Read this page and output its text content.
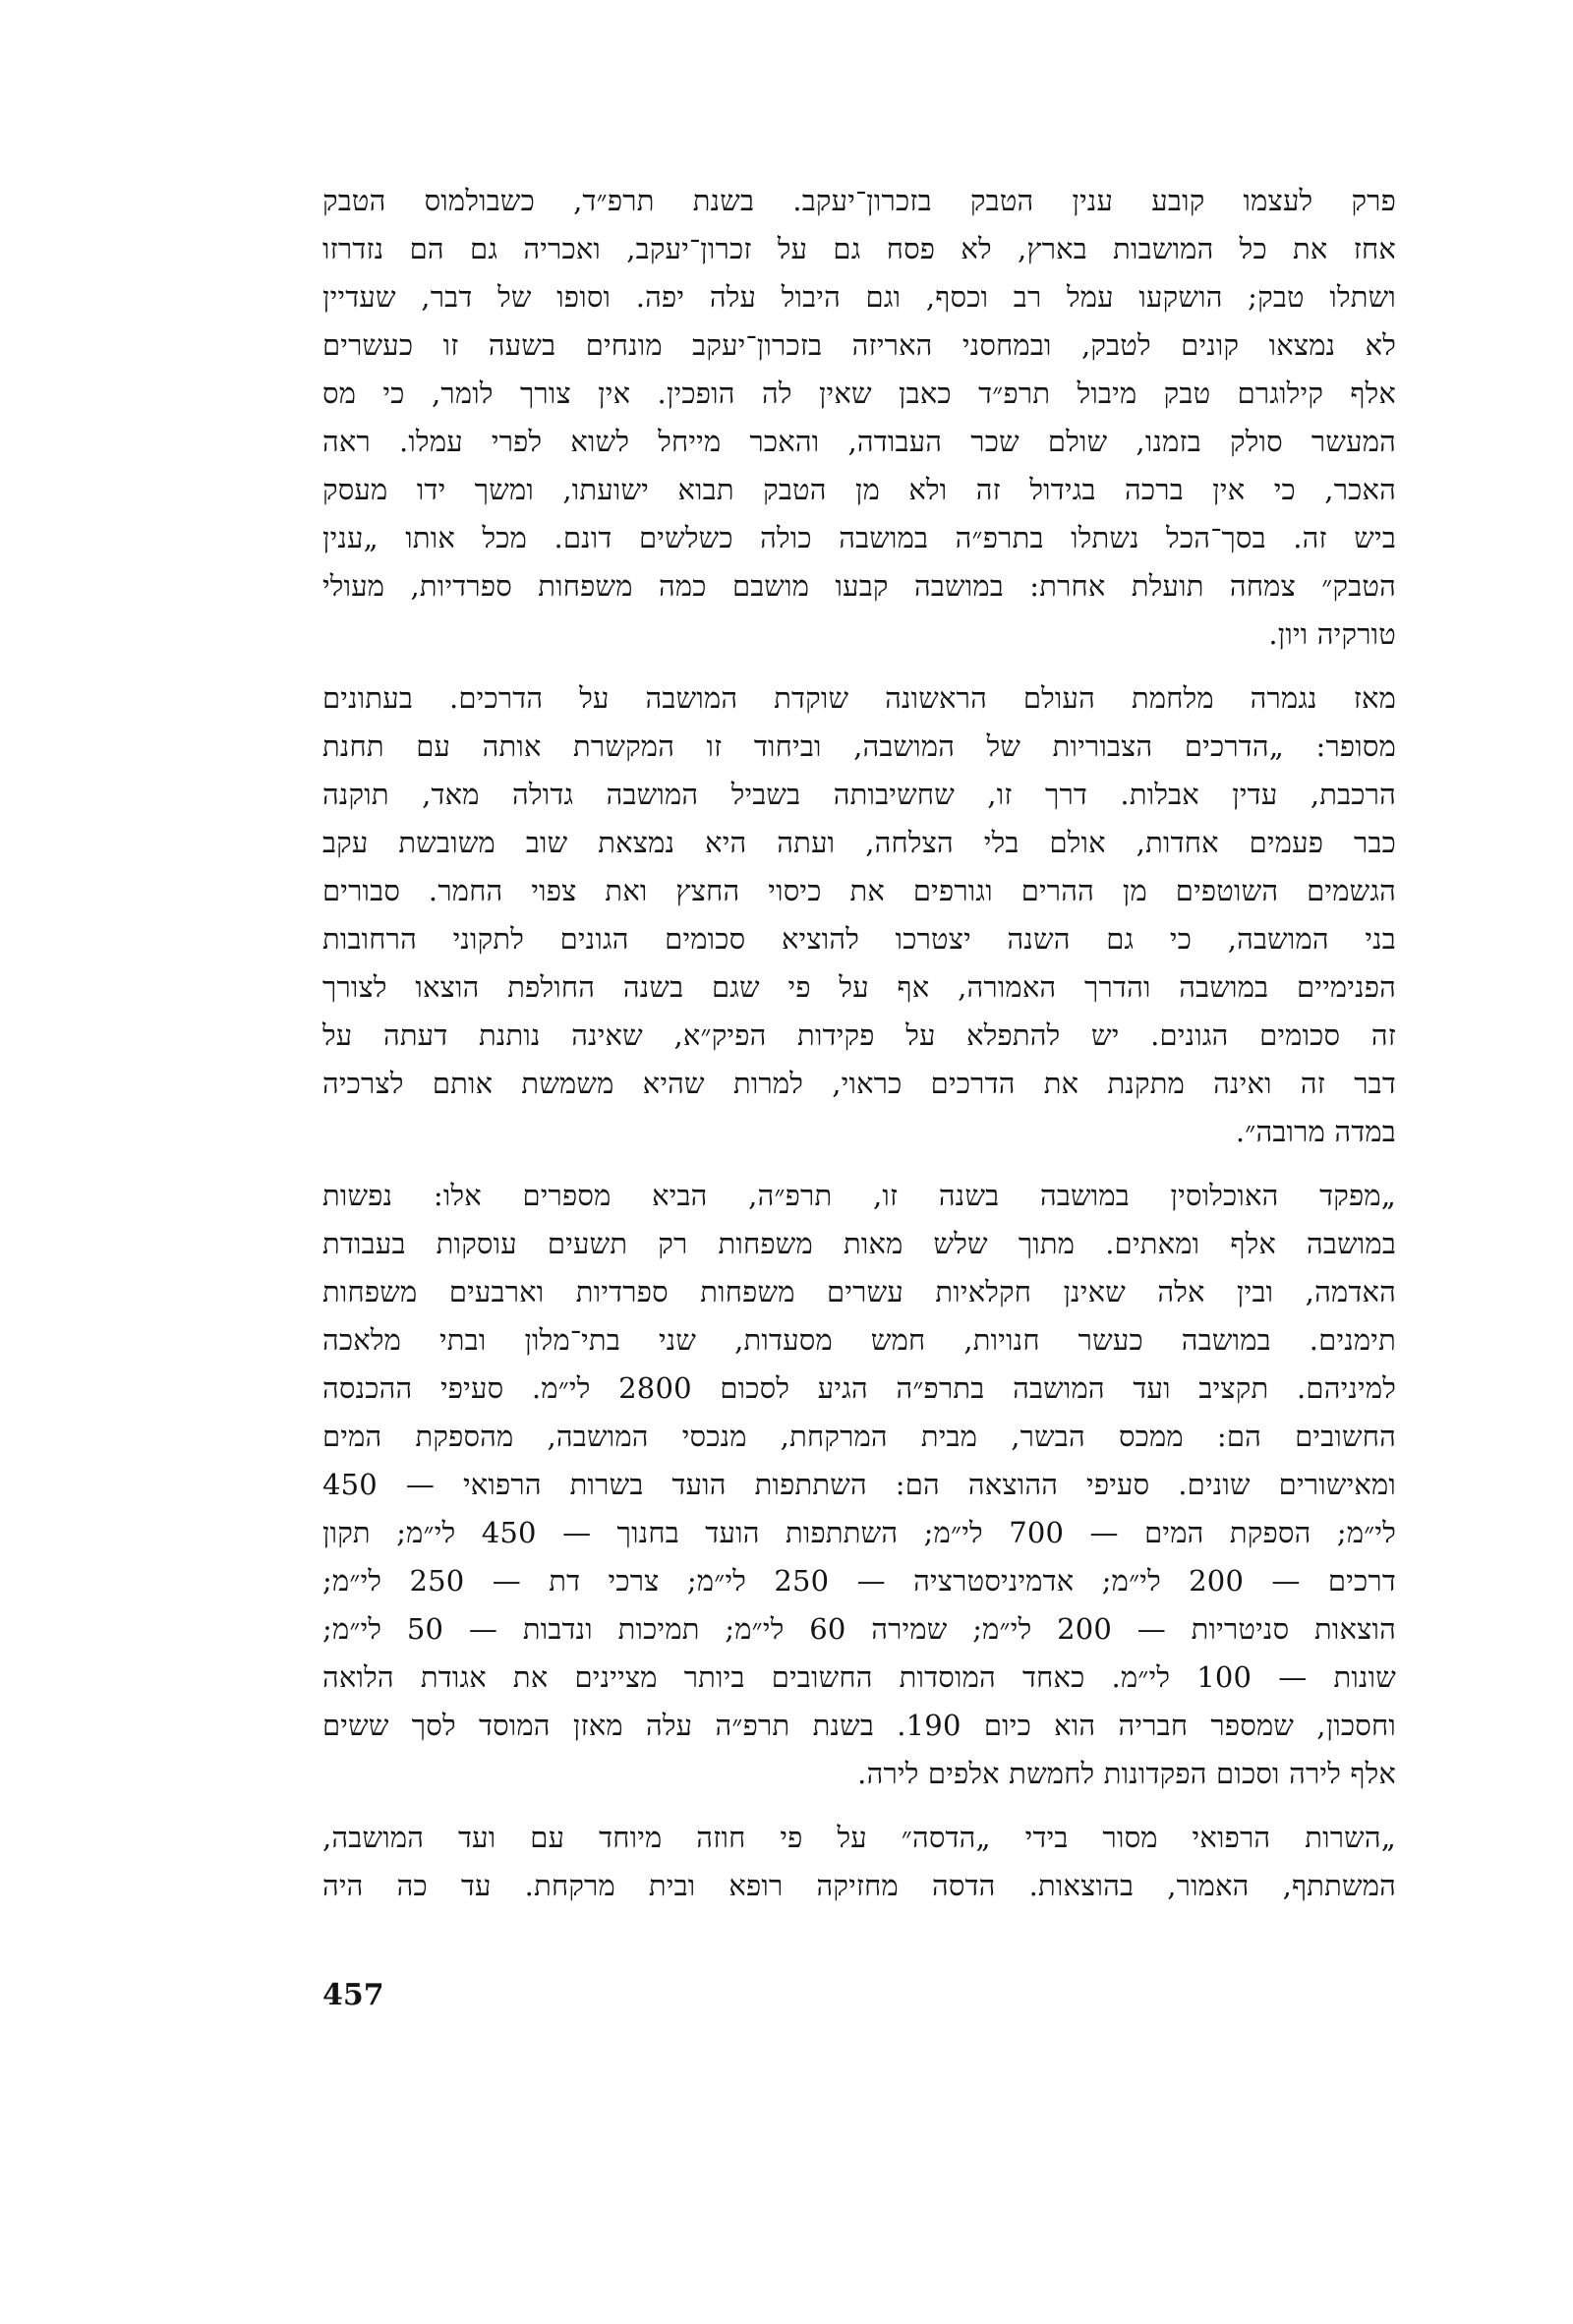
פרק לעצמו קובע ענין הטבק בזכרון־יעקב. בשנת תרפ״ד, כשבולמוס הטבק
אחז את כל המושבות בארץ, לא פסח גם על זכרון־יעקב, ואכריה גם הם נזדרזו
ושתלו טבק; הושקעו עמל רב וכסף, וגם היבול עלה יפה. וסופו של דבר, שעדיין
לא נמצאו קונים לטבק, ובמחסני האריזה בזכרון־יעקב מונחים בשעה זו כעשרים
אלף קילוגרם טבק מיבול תרפ״ד כאבן שאין לה הופכין. אין צורך לומר, כי מס
המעשר סולק בזמנו, שולם שכר העבודה, והאכר מייחל לשוא לפרי עמלו. ראה
האכר, כי אין ברכה בגידול זה ולא מן הטבק תבוא ישועתו, ומשך ידו מעסק
ביש זה. בסך־הכל נשתלו בתרפ״ה במושבה כולה כשלשים דונם. מכל אותו „ענין
הטבק״ צמחה תועלת אחרת: במושבה קבעו מושבם כמה משפחות ספרדיות, מעולי
טורקיה ויון.
מאז נגמרה מלחמת העולם הראשונה שוקדת המושבה על הדרכים. בעתונים
מסופר: „הדרכים הצבוריות של המושבה, וביחוד זו המקשרת אותה עם תחנת
הרכבת, עדין אבלות. דרך זו, שחשיבותה בשביל המושבה גדולה מאד, תוקנה
כבר פעמים אחדות, אולם בלי הצלחה, ועתה היא נמצאת שוב משובשת עקב
הגשמים השוטפים מן ההרים וגורפים את כיסוי החצץ ואת צפוי החמר. סבורים
בני המושבה, כי גם השנה יצטרכו להוציא סכומים הגונים לתקוני הרחובות
הפנימיים במושבה והדרך האמורה, אף על פי שגם בשנה החולפת הוצאו לצורך
זה סכומים הגונים. יש להתפלא על פקידות הפיק״א, שאינה נותנת דעתה על
דבר זה ואינה מתקנת את הדרכים כראוי, למרות שהיא משמשת אותם לצרכיה
במדה מרובה״.
„מפקד האוכלוסין במושבה בשנה זו, תרפ״ה, הביא מספרים אלו: נפשות
במושבה אלף ומאתים. מתוך שלש מאות משפחות רק תשעים עוסקות בעבודת
האדמה, ובין אלה שאינן חקלאיות עשרים משפחות ספרדיות וארבעים משפחות
תימנים. במושבה כעשר חנויות, חמש מסעדות, שני בתי־מלון ובתי מלאכה
למיניהם. תקציב ועד המושבה בתרפ״ה הגיע לסכום 2800 לי״מ. סעיפי ההכנסה
החשובים הם: ממכס הבשר, מבית המרקחת, מנכסי המושבה, מהספקת המים
ומאישורים שונים. סעיפי ההוצאה הם: השתתפות הועד בשרות הרפואי — 450
לי״מ; הספקת המים — 700 לי״מ; השתתפות הועד בחנוך — 450 לי״מ; תקון
דרכים — 200 לי״מ; אדמיניסטרציה — 250 לי״מ; צרכי דת — 250 לי״מ;
הוצאות סניטריות — 200 לי״מ; שמירה 60 לי״מ; תמיכות ונדבות — 50 לי״מ;
שונות — 100 לי״מ. כאחד המוסדות החשובים ביותר מציינים את אגודת הלואה
וחסכון, שמספר חבריה הוא כיום 190. בשנת תרפ״ה עלה מאזן המוסד לסך ששים
אלף לירה וסכום הפקדונות לחמשת אלפים לירה.
„השרות הרפואי מסור בידי „הדסה״ על פי חוזה מיוחד עם ועד המושבה,
המשתתף, האמור, בהוצאות. הדסה מחזיקה רופא ובית מרקחת. עד כה היה
457
